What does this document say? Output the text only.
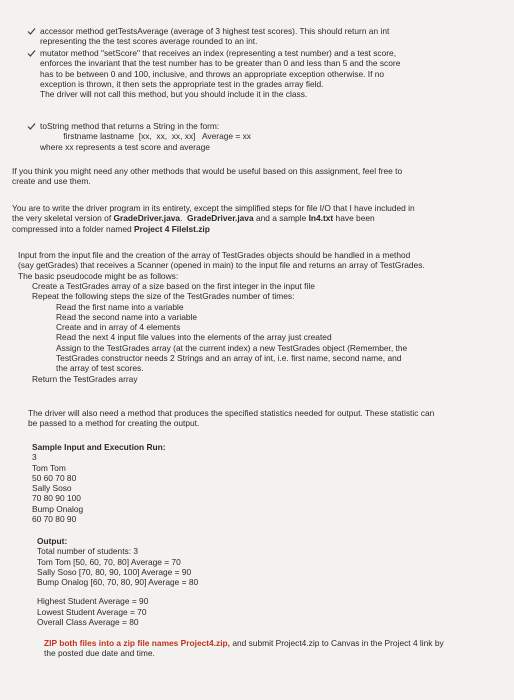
accessor method getTestsAverage (average of 3 highest test scores). This should return an int
representing the the test scores average rounded to an int.
mutator method "setScore" that receives an index (representing a test number) and a test score,
enforces the invariant that the test number has to be greater than 0 and less than 5 and the score
has to be between 0 and 100, inclusive, and throws an appropriate exception otherwise. If no
exception is thrown, it then sets the appropriate test in the grades array field.
The driver will not call this method, but you should include it in the class.
toString method that returns a String in the form:
firstname lastname  [xx,  xx,  xx, xx]   Average = xx
where xx represents a test score and average
If you think you might need any other methods that would be useful based on this assignment, feel free to
create and use them.
You are to write the driver program in its entirety, except the simplified steps for file I/O that I have included in
the very skeletal version of GradeDriver.java.  GradeDriver.java and a sample In4.txt have been
compressed into a folder named Project 4 FileIst.zip
Input from the input file and the creation of the array of TestGrades objects should be handled in a method
(say getGrades) that receives a Scanner (opened in main) to the input file and returns an array of TestGrades.
The basic pseudocode might be as follows:
Create a TestGrades array of a size based on the first integer in the input file
Repeat the following steps the size of the TestGrades number of times:
Read the first name into a variable
Read the second name into a variable
Create and in array of 4 elements
Read the next 4 input file values into the elements of the array just created
Assign to the TestGrades array (at the current index) a new TestGrades object (Remember, the
TestGrades constructor needs 2 Strings and an array of int, i.e. first name, second name, and
the array of test scores.
Return the TestGrades array
The driver will also need a method that produces the specified statistics needed for output. These statistic can
be passed to a method for creating the output.
Sample Input and Execution Run:
3
Tom Tom
50 60 70 80
Sally Soso
70 80 90 100
Bump Onalog
60 70 80 90
Output:
Total number of students: 3
Tom Tom [50, 60, 70, 80] Average = 70
Sally Soso [70, 80, 90, 100] Average = 90
Bump Onalog [60, 70, 80, 90] Average = 80
Highest Student Average = 90
Lowest Student Average = 70
Overall Class Average = 80
ZIP both files into a zip file names Project4.zip, and submit Project4.zip to Canvas in the Project 4 link by
the posted due date and time.
